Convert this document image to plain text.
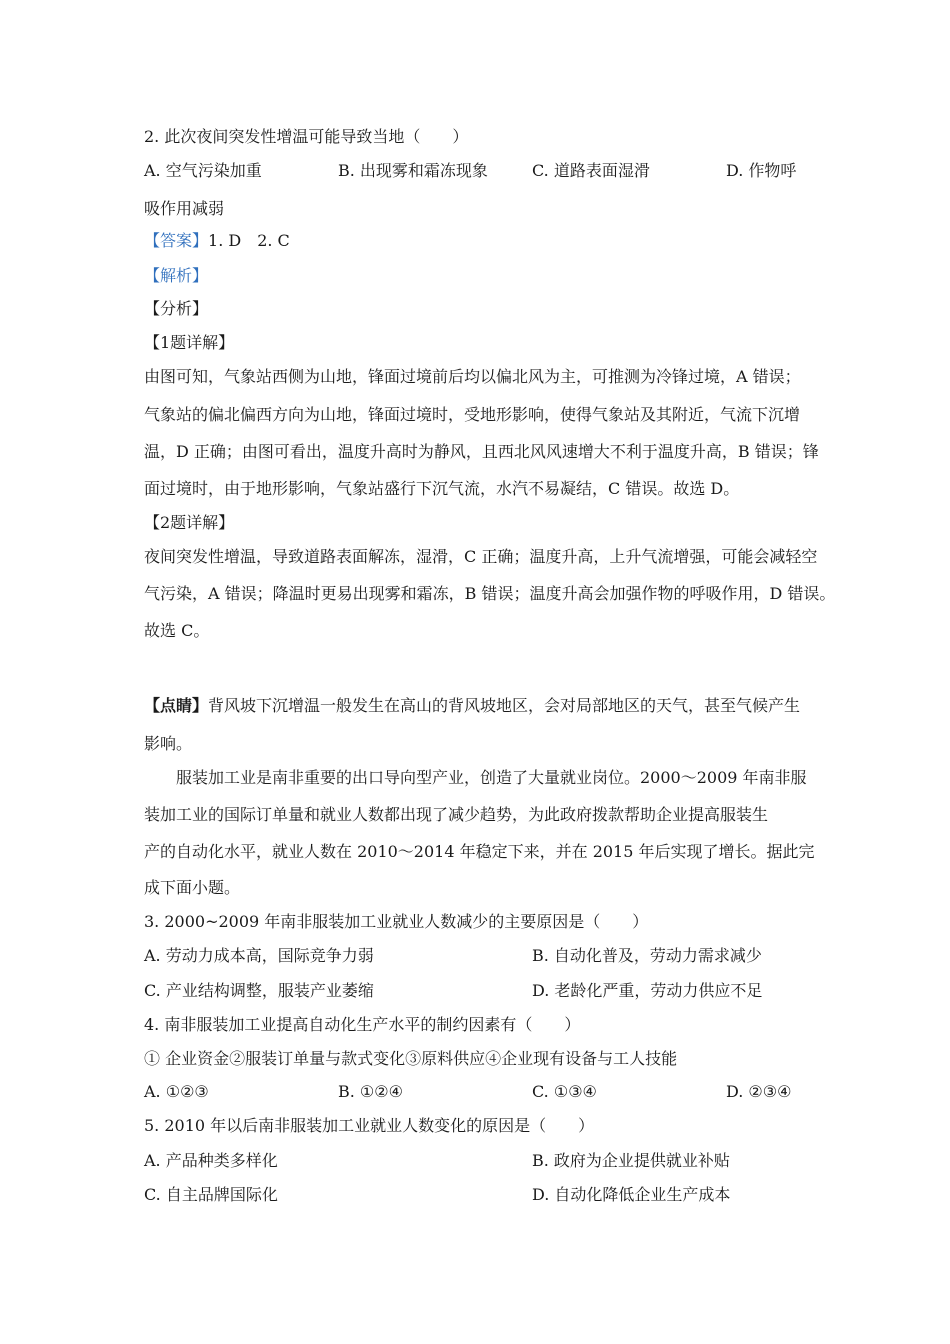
2. 此次夜间突发性增温可能导致当地（　　）
A. 空气污染加重	B. 出现雾和霜冻现象	C. 道路表面湿滑	D. 作物呼
吸作用减弱
【答案】1. D　2. C
【解析】
【分析】
【1题详解】
由图可知，气象站西侧为山地，锋面过境前后均以偏北风为主，可推测为冷锋过境，A 错误；
气象站的偏北偏西方向为山地，锋面过境时，受地形影响，使得气象站及其附近，气流下沉增
温，D 正确；由图可看出，温度升高时为静风，且西北风风速增大不利于温度升高，B 错误；锋
面过境时，由于地形影响，气象站盛行下沉气流，水汽不易凝结，C 错误。故选 D。
【2题详解】
夜间突发性增温，导致道路表面解冻，湿滑，C 正确；温度升高，上升气流增强，可能会减轻空
气污染，A 错误；降温时更易出现雾和霜冻，B 错误；温度升高会加强作物的呼吸作用，D 错误。
故选 C。
【点睛】背风坡下沉增温一般发生在高山的背风坡地区，会对局部地区的天气，甚至气候产生
影响。
服装加工业是南非重要的出口导向型产业，创造了大量就业岗位。2000～2009 年南非服
装加工业的国际订单量和就业人数都出现了减少趋势，为此政府拨款帮助企业提高服装生
产的自动化水平，就业人数在 2010～2014 年稳定下来，并在 2015 年后实现了增长。据此完
成下面小题。
3. 2000~2009 年南非服装加工业就业人数减少的主要原因是（　　）
A. 劳动力成本高，国际竞争力弱	B. 自动化普及，劳动力需求减少
C. 产业结构调整，服装产业萎缩	D. 老龄化严重，劳动力供应不足
4. 南非服装加工业提高自动化生产水平的制约因素有（　　）
① 企业资金②服装订单量与款式变化③原料供应④企业现有设备与工人技能
A. ①②③	B. ①②④	C. ①③④	D. ②③④
5. 2010 年以后南非服装加工业就业人数变化的原因是（　　）
A. 产品种类多样化	B. 政府为企业提供就业补贴
C. 自主品牌国际化	D. 自动化降低企业生产成本
